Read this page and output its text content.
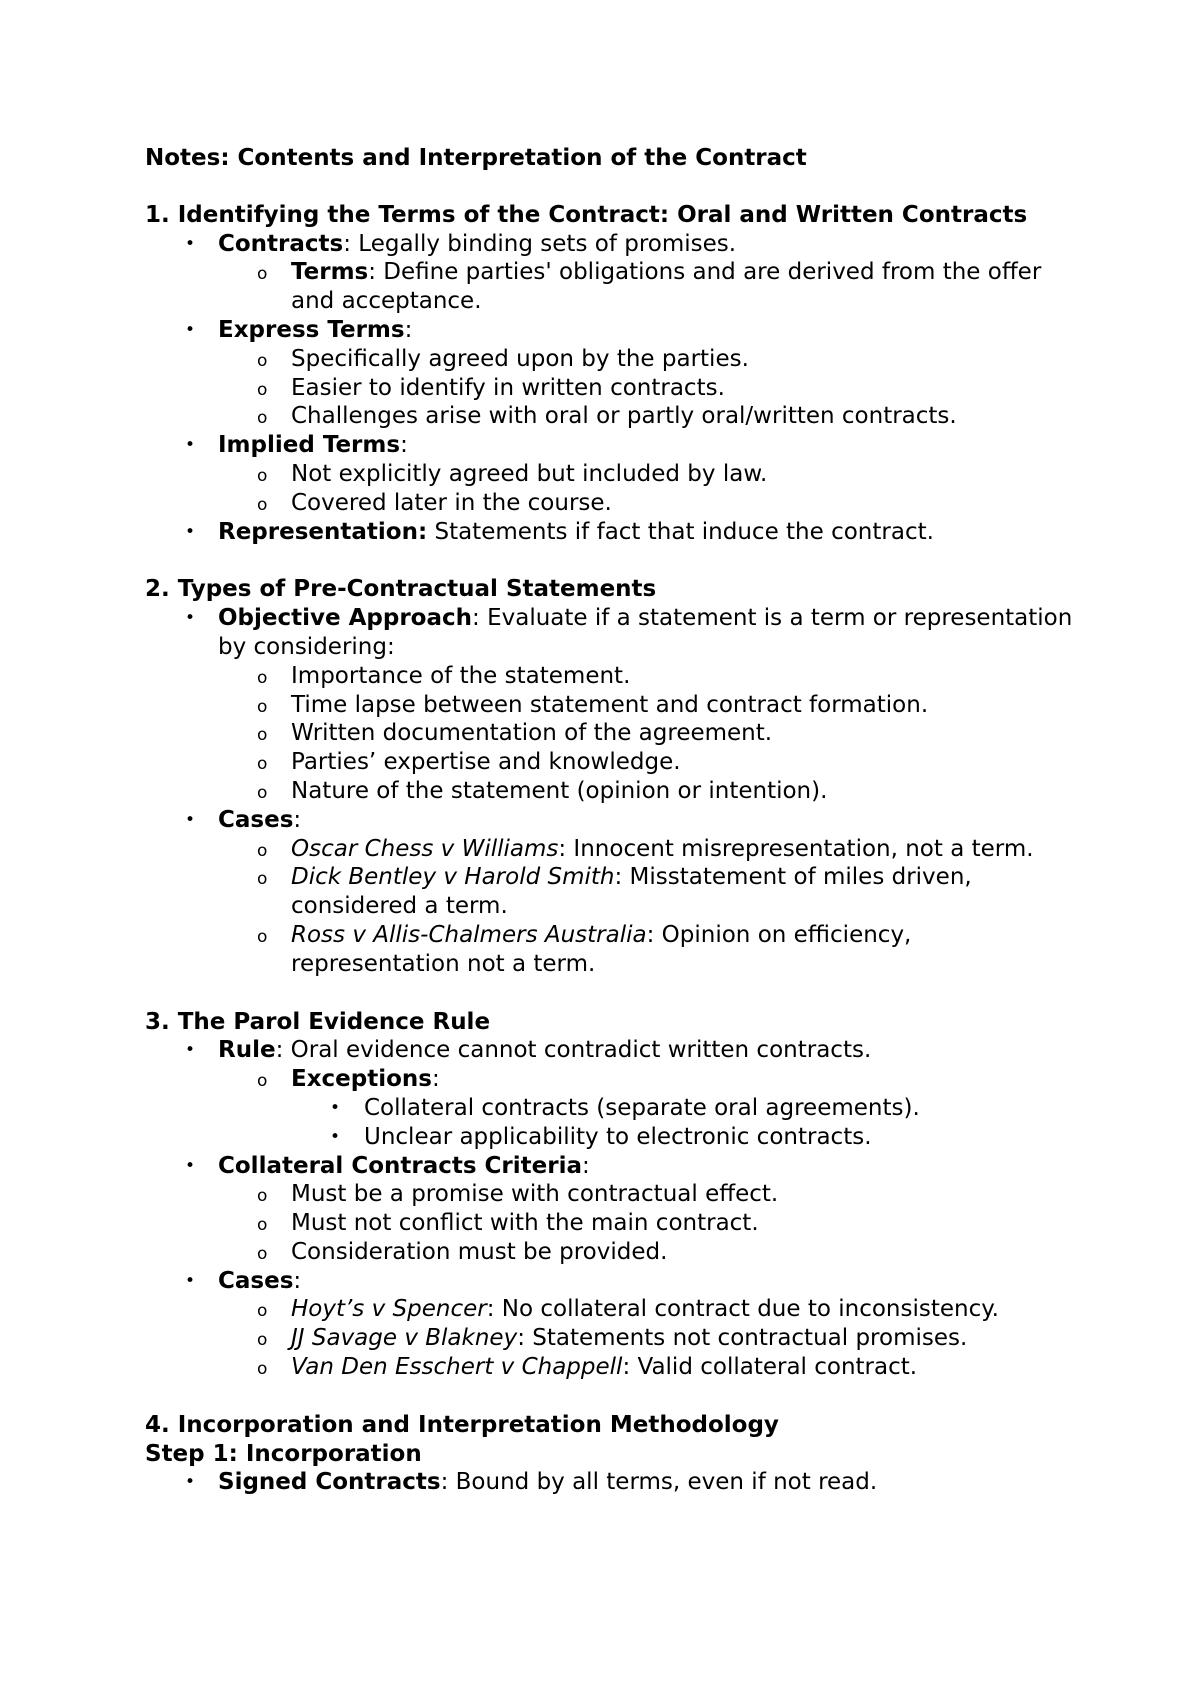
Notes: Contents and Interpretation of the Contract

1. Identifying the Terms of the Contract: Oral and Written Contracts

• Contracts: Legally binding sets of promises.
o	Terms: Define parties' obligations and are derived from the offer and acceptance.
• Express Terms:
o	Specifically agreed upon by the parties.
o	Easier to identify in written contracts.
o	Challenges arise with oral or partly oral/written contracts.
• Implied Terms:
o	Not explicitly agreed but included by law.
o	Covered later in the course.
• Representation: Statements if fact that induce the contract.

2. Types of Pre-Contractual Statements

• Objective Approach: Evaluate if a statement is a term or representation by considering:
o	Importance of the statement.
o	Time lapse between statement and contract formation.
o	Written documentation of the agreement.
o	Parties’ expertise and knowledge.
o	Nature of the statement (opinion or intention).
• Cases:
o	Oscar Chess v Williams: Innocent misrepresentation, not a term.
o	Dick Bentley v Harold Smith: Misstatement of miles driven, considered a term.
o	Ross v Allis-Chalmers Australia: Opinion on efficiency, representation not a term.

3. The Parol Evidence Rule

• Rule: Oral evidence cannot contradict written contracts.
o	Exceptions:
•	Collateral contracts (separate oral agreements).
•	Unclear applicability to electronic contracts.
• Collateral Contracts Criteria:
o	Must be a promise with contractual effect.
o	Must not conflict with the main contract.
o	Consideration must be provided.
• Cases:
o	Hoyt’s v Spencer: No collateral contract due to inconsistency.
o	JJ Savage v Blakney: Statements not contractual promises.
o	Van Den Esschert v Chappell: Valid collateral contract.

4. Incorporation and Interpretation Methodology

Step 1: Incorporation

• Signed Contracts: Bound by all terms, even if not read.
